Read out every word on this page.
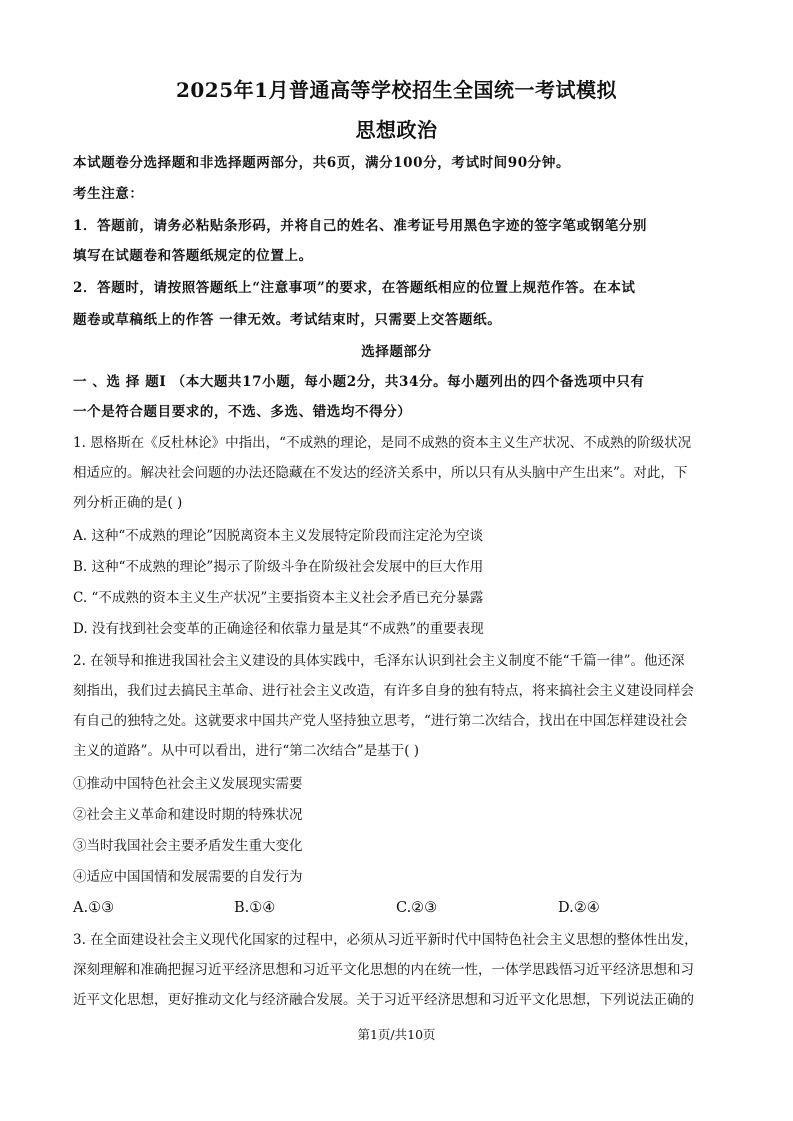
2025年1月普通高等学校招生全国统一考试模拟
思想政治
本试题卷分选择题和非选择题两部分，共6页，满分100分，考试时间90分钟。
考生注意：
1．答题前，请务必粘贴条形码，并将自己的姓名、准考证号用黑色字迹的签字笔或钢笔分别
填写在试题卷和答题纸规定的位置上。
2．答题时，请按照答题纸上“注意事项”的要求，在答题纸相应的位置上规范作答。在本试
题卷或草稿纸上的作答 一律无效。考试结束时，只需要上交答题纸。
选择题部分
一 、选 择 题Ⅰ （本大题共17小题，每小题2分，共34分。每小题列出的四个备选项中只有
一个是符合题目要求的，不选、多选、错选均不得分）
1. 恩格斯在《反杜林论》中指出，“不成熟的理论，是同不成熟的资本主义生产状况、不成熟的阶级状况
相适应的。解决社会问题的办法还隐藏在不发达的经济关系中，所以只有从头脑中产生出来”。对此，下
列分析正确的是( )
A. 这种“不成熟的理论”因脱离资本主义发展特定阶段而注定沦为空谈
B. 这种“不成熟的理论”揭示了阶级斗争在阶级社会发展中的巨大作用
C. “不成熟的资本主义生产状况”主要指资本主义社会矛盾已充分暴露
D. 没有找到社会变革的正确途径和依靠力量是其“不成熟”的重要表现
2. 在领导和推进我国社会主义建设的具体实践中，毛泽东认识到社会主义制度不能“千篇一律”。他还深
刻指出，我们过去搞民主革命、进行社会主义改造，有许多自身的独有特点，将来搞社会主义建设同样会
有自己的独特之处。这就要求中国共产党人坚持独立思考，“进行第二次结合，找出在中国怎样建设社会
主义的道路”。从中可以看出，进行“第二次结合”是基于( )
①推动中国特色社会主义发展现实需要
②社会主义革命和建设时期的特殊状况
③当时我国社会主要矛盾发生重大变化
④适应中国国情和发展需要的自发行为
A.①③	B.①④	C.②③	D.②④
3. 在全面建设社会主义现代化国家的过程中，必须从习近平新时代中国特色社会主义思想的整体性出发，
深刻理解和准确把握习近平经济思想和习近平文化思想的内在统一性，一体学思践悟习近平经济思想和习
近平文化思想，更好推动文化与经济融合发展。关于习近平经济思想和习近平文化思想，下列说法正确的
第1页/共10页
